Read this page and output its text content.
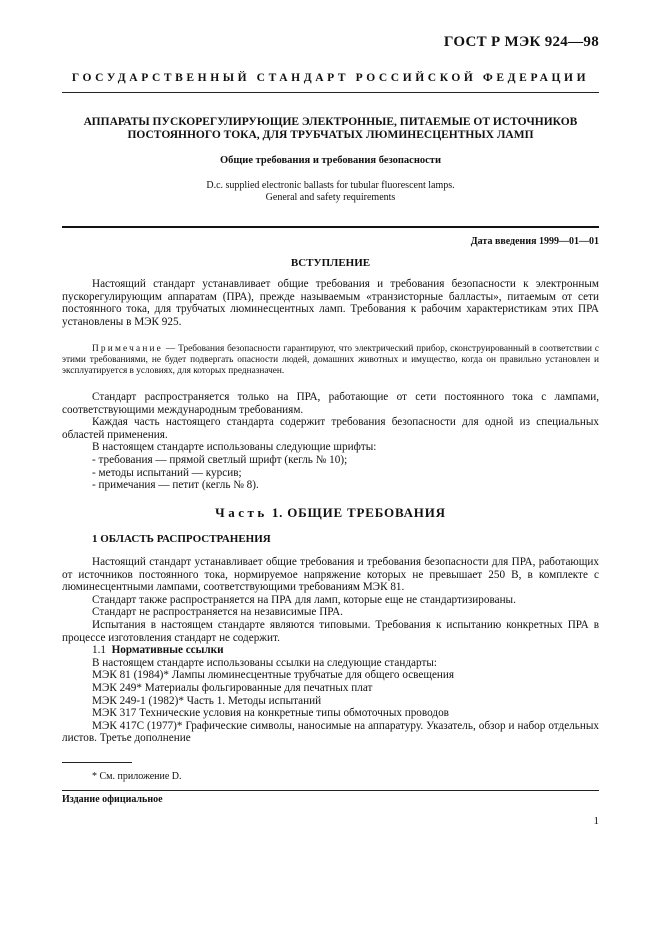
ГОСТ Р МЭК 924—98
ГОСУДАРСТВЕННЫЙ СТАНДАРТ РОССИЙСКОЙ ФЕДЕРАЦИИ
АППАРАТЫ ПУСКОРЕГУЛИРУЮЩИЕ ЭЛЕКТРОННЫЕ, ПИТАЕМЫЕ ОТ ИСТОЧНИКОВ
ПОСТОЯННОГО ТОКА, ДЛЯ ТРУБЧАТЫХ ЛЮМИНЕСЦЕНТНЫХ ЛАМП
Общие требования и требования безопасности
D.c. supplied electronic ballasts for tubular fluorescent lamps.
General and safety requirements
Дата введения 1999—01—01
ВСТУПЛЕНИЕ

Настоящий стандарт устанавливает общие требования и требования безопасности к электронным пускорегулирующим аппаратам (ПРА), прежде называемым «транзисторные балласты», питаемым от сети постоянного тока, для трубчатых люминесцентных ламп. Требования к рабочим характеристикам этих ПРА установлены в МЭК 925.

Примечание — Требования безопасности гарантируют, что электрический прибор, сконструированный в соответствии с этими требованиями, не будет подвергать опасности людей, домашних животных и имущество, когда он правильно установлен и эксплуатируется в условиях, для которых предназначен.

Стандарт распространяется только на ПРА, работающие от сети постоянного тока с лампами, соответствующими международным требованиям.

Каждая часть настоящего стандарта содержит требования безопасности для одной из специальных областей применения.

В настоящем стандарте использованы следующие шрифты:

- требования — прямой светлый шрифт (кегль № 10);
- методы испытаний — курсив;
- примечания — петит (кегль № 8).
Часть 1. ОБЩИЕ ТРЕБОВАНИЯ
1 ОБЛАСТЬ РАСПРОСТРАНЕНИЯ

Настоящий стандарт устанавливает общие требования и требования безопасности для ПРА, работающих от источников постоянного тока, нормируемое напряжение которых не превышает 250 В, в комплекте с люминесцентными лампами, соответствующими требованиям МЭК 81.

Стандарт также распространяется на ПРА для ламп, которые еще не стандартизированы.

Стандарт не распространяется на независимые ПРА.

Испытания в настоящем стандарте являются типовыми. Требования к испытанию конкретных ПРА в процессе изготовления стандарт не содержит.

1.1 Нормативные ссылки

В настоящем стандарте использованы ссылки на следующие стандарты:

МЭК 81 (1984)* Лампы люминесцентные трубчатые для общего освещения

МЭК 249* Материалы фольгированные для печатных плат

МЭК 249-1 (1982)* Часть 1. Методы испытаний

МЭК 317 Технические условия на конкретные типы обмоточных проводов

МЭК 417С (1977)* Графические символы, наносимые на аппаратуру. Указатель, обзор и набор отдельных листов. Третье дополнение

* См. приложение D.
Издание официальное
1
